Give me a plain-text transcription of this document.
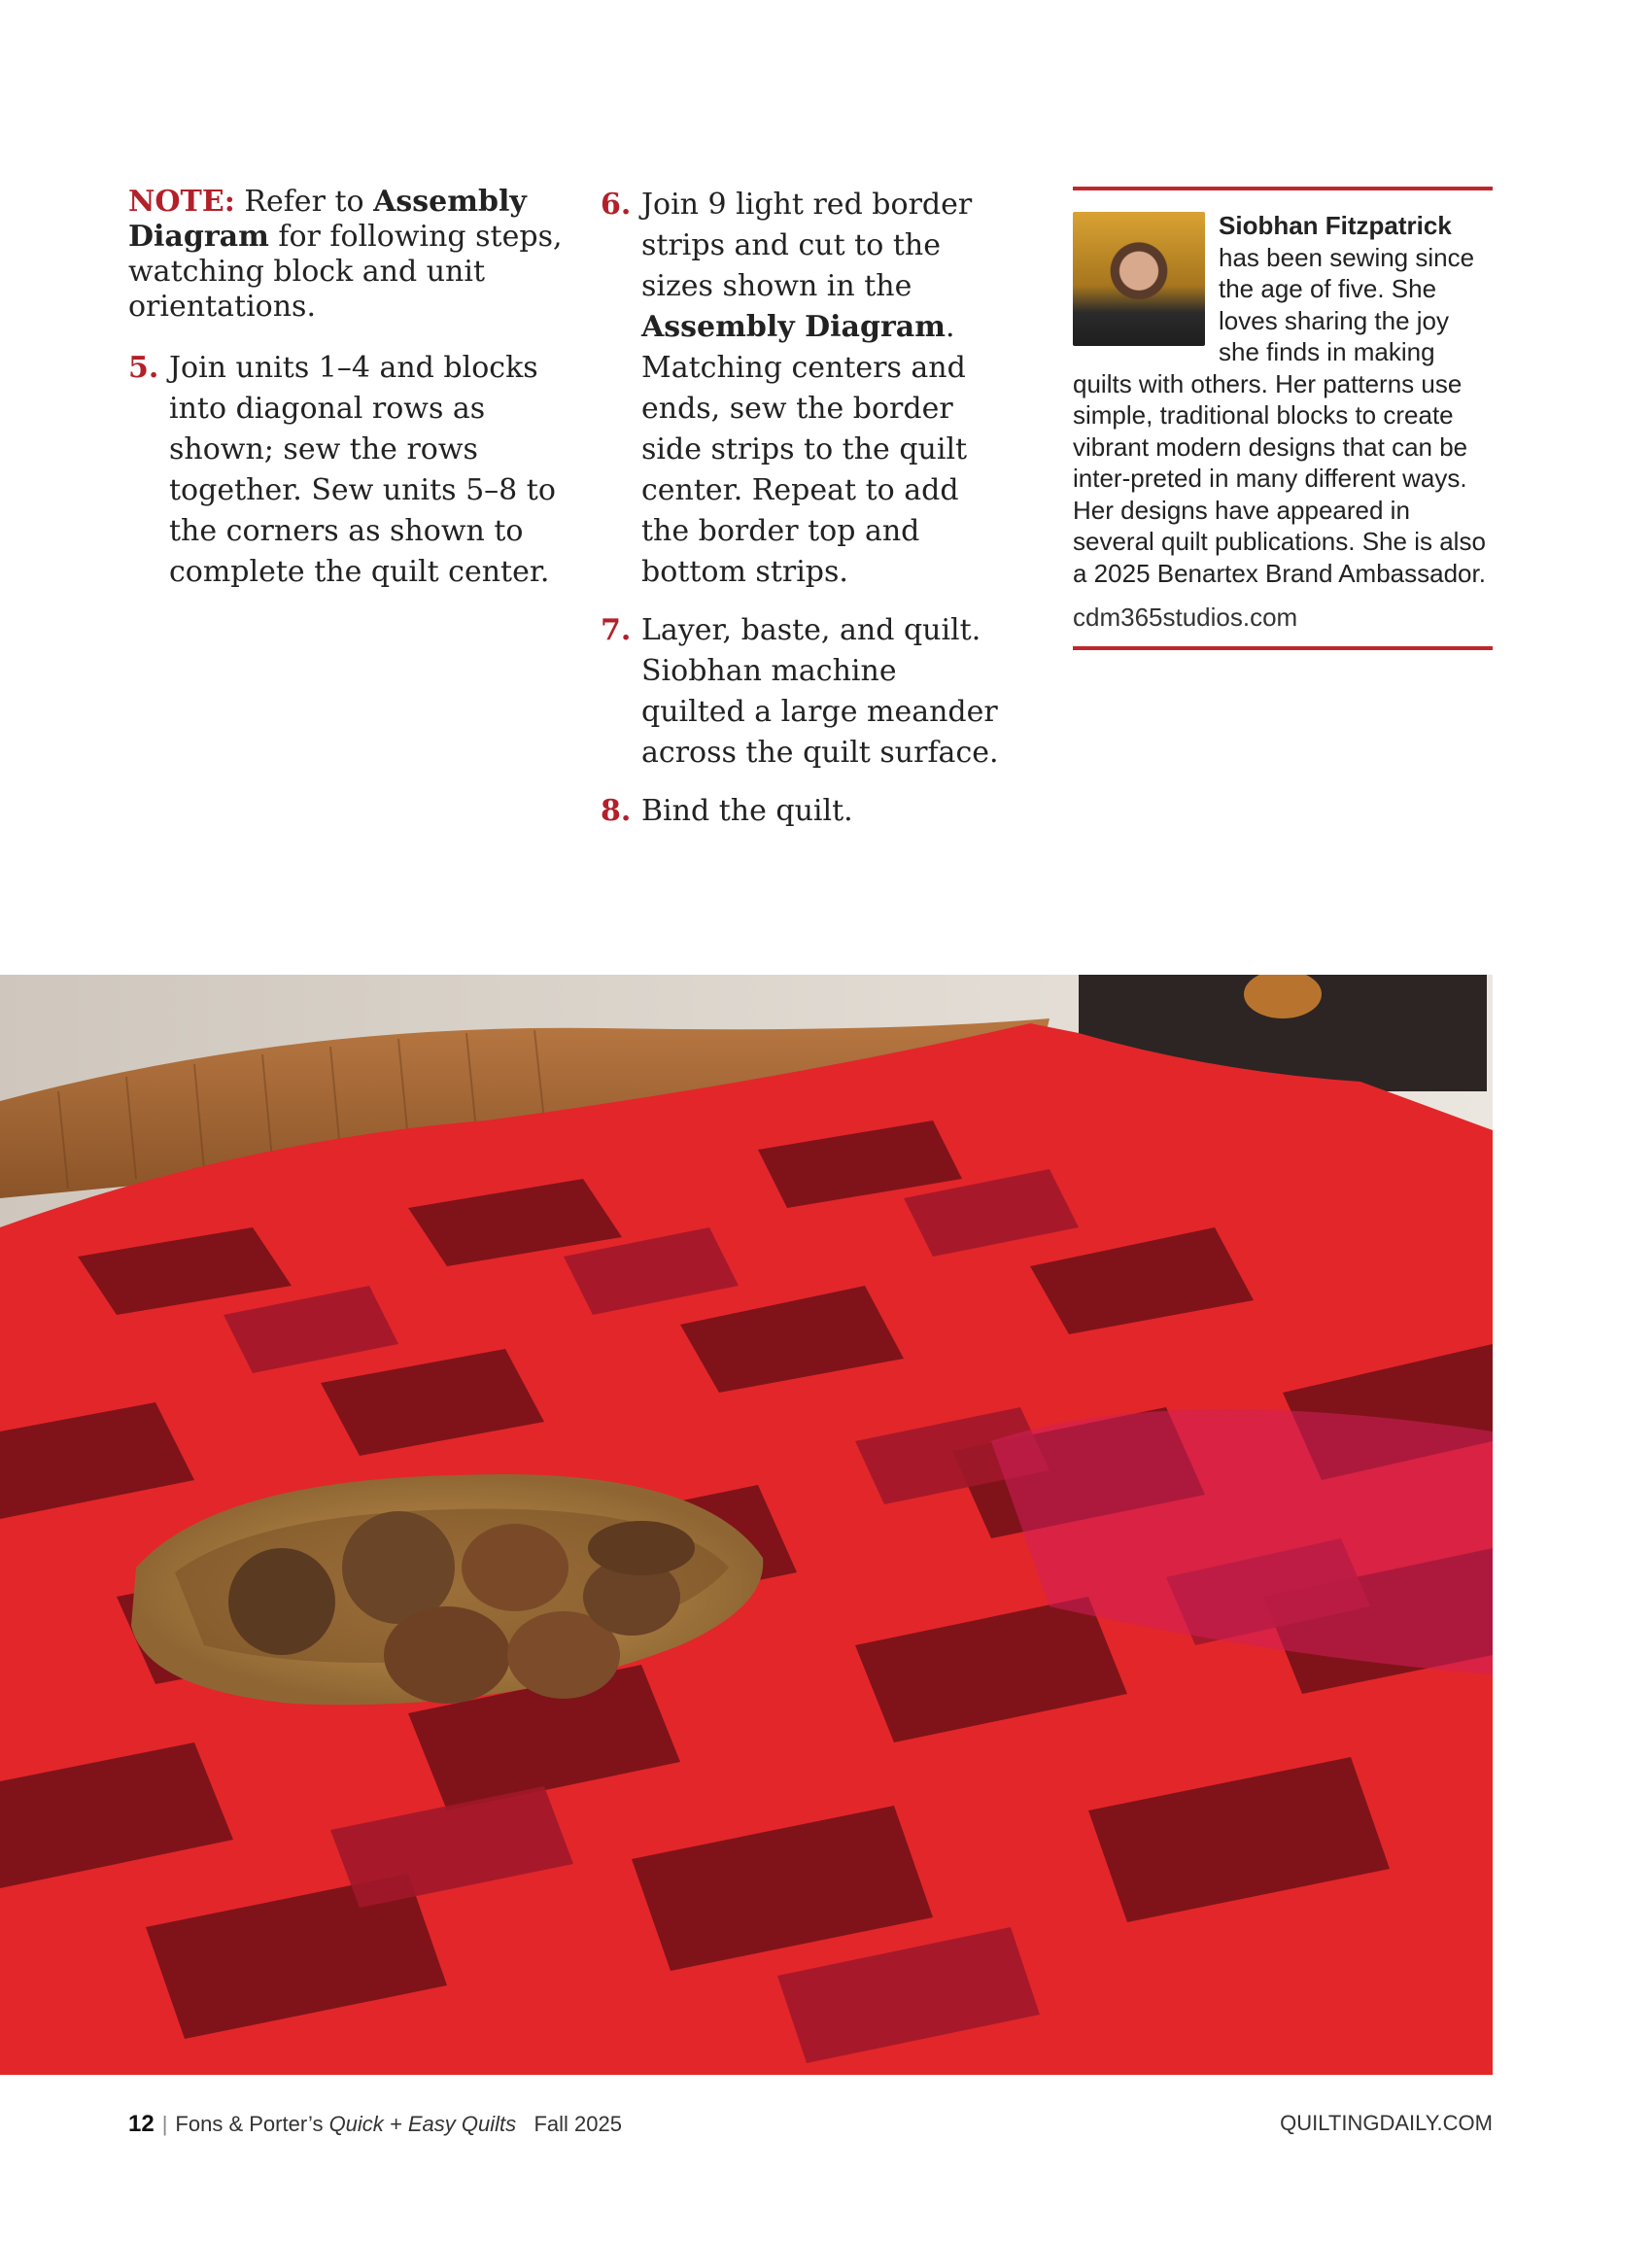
NOTE: Refer to Assembly Diagram for following steps, watching block and unit orientations.

5. Join units 1–4 and blocks into diagonal rows as shown; sew the rows together. Sew units 5–8 to the corners as shown to complete the quilt center.
6. Join 9 light red border strips and cut to the sizes shown in the Assembly Diagram. Matching centers and ends, sew the border side strips to the quilt center. Repeat to add the border top and bottom strips.
7. Layer, baste, and quilt. Siobhan machine quilted a large meander across the quilt surface.
8. Bind the quilt.
Siobhan Fitzpatrick has been sewing since the age of five. She loves sharing the joy she finds in making quilts with others. Her patterns use simple, traditional blocks to create vibrant modern designs that can be inter-preted in many different ways. Her designs have appeared in several quilt publications. She is also a 2025 Benartex Brand Ambassador.
cdm365studios.com
12 | Fons & Porter’s Quick + Easy Quilts Fall 2025	QUILTINGDAILY.COM
